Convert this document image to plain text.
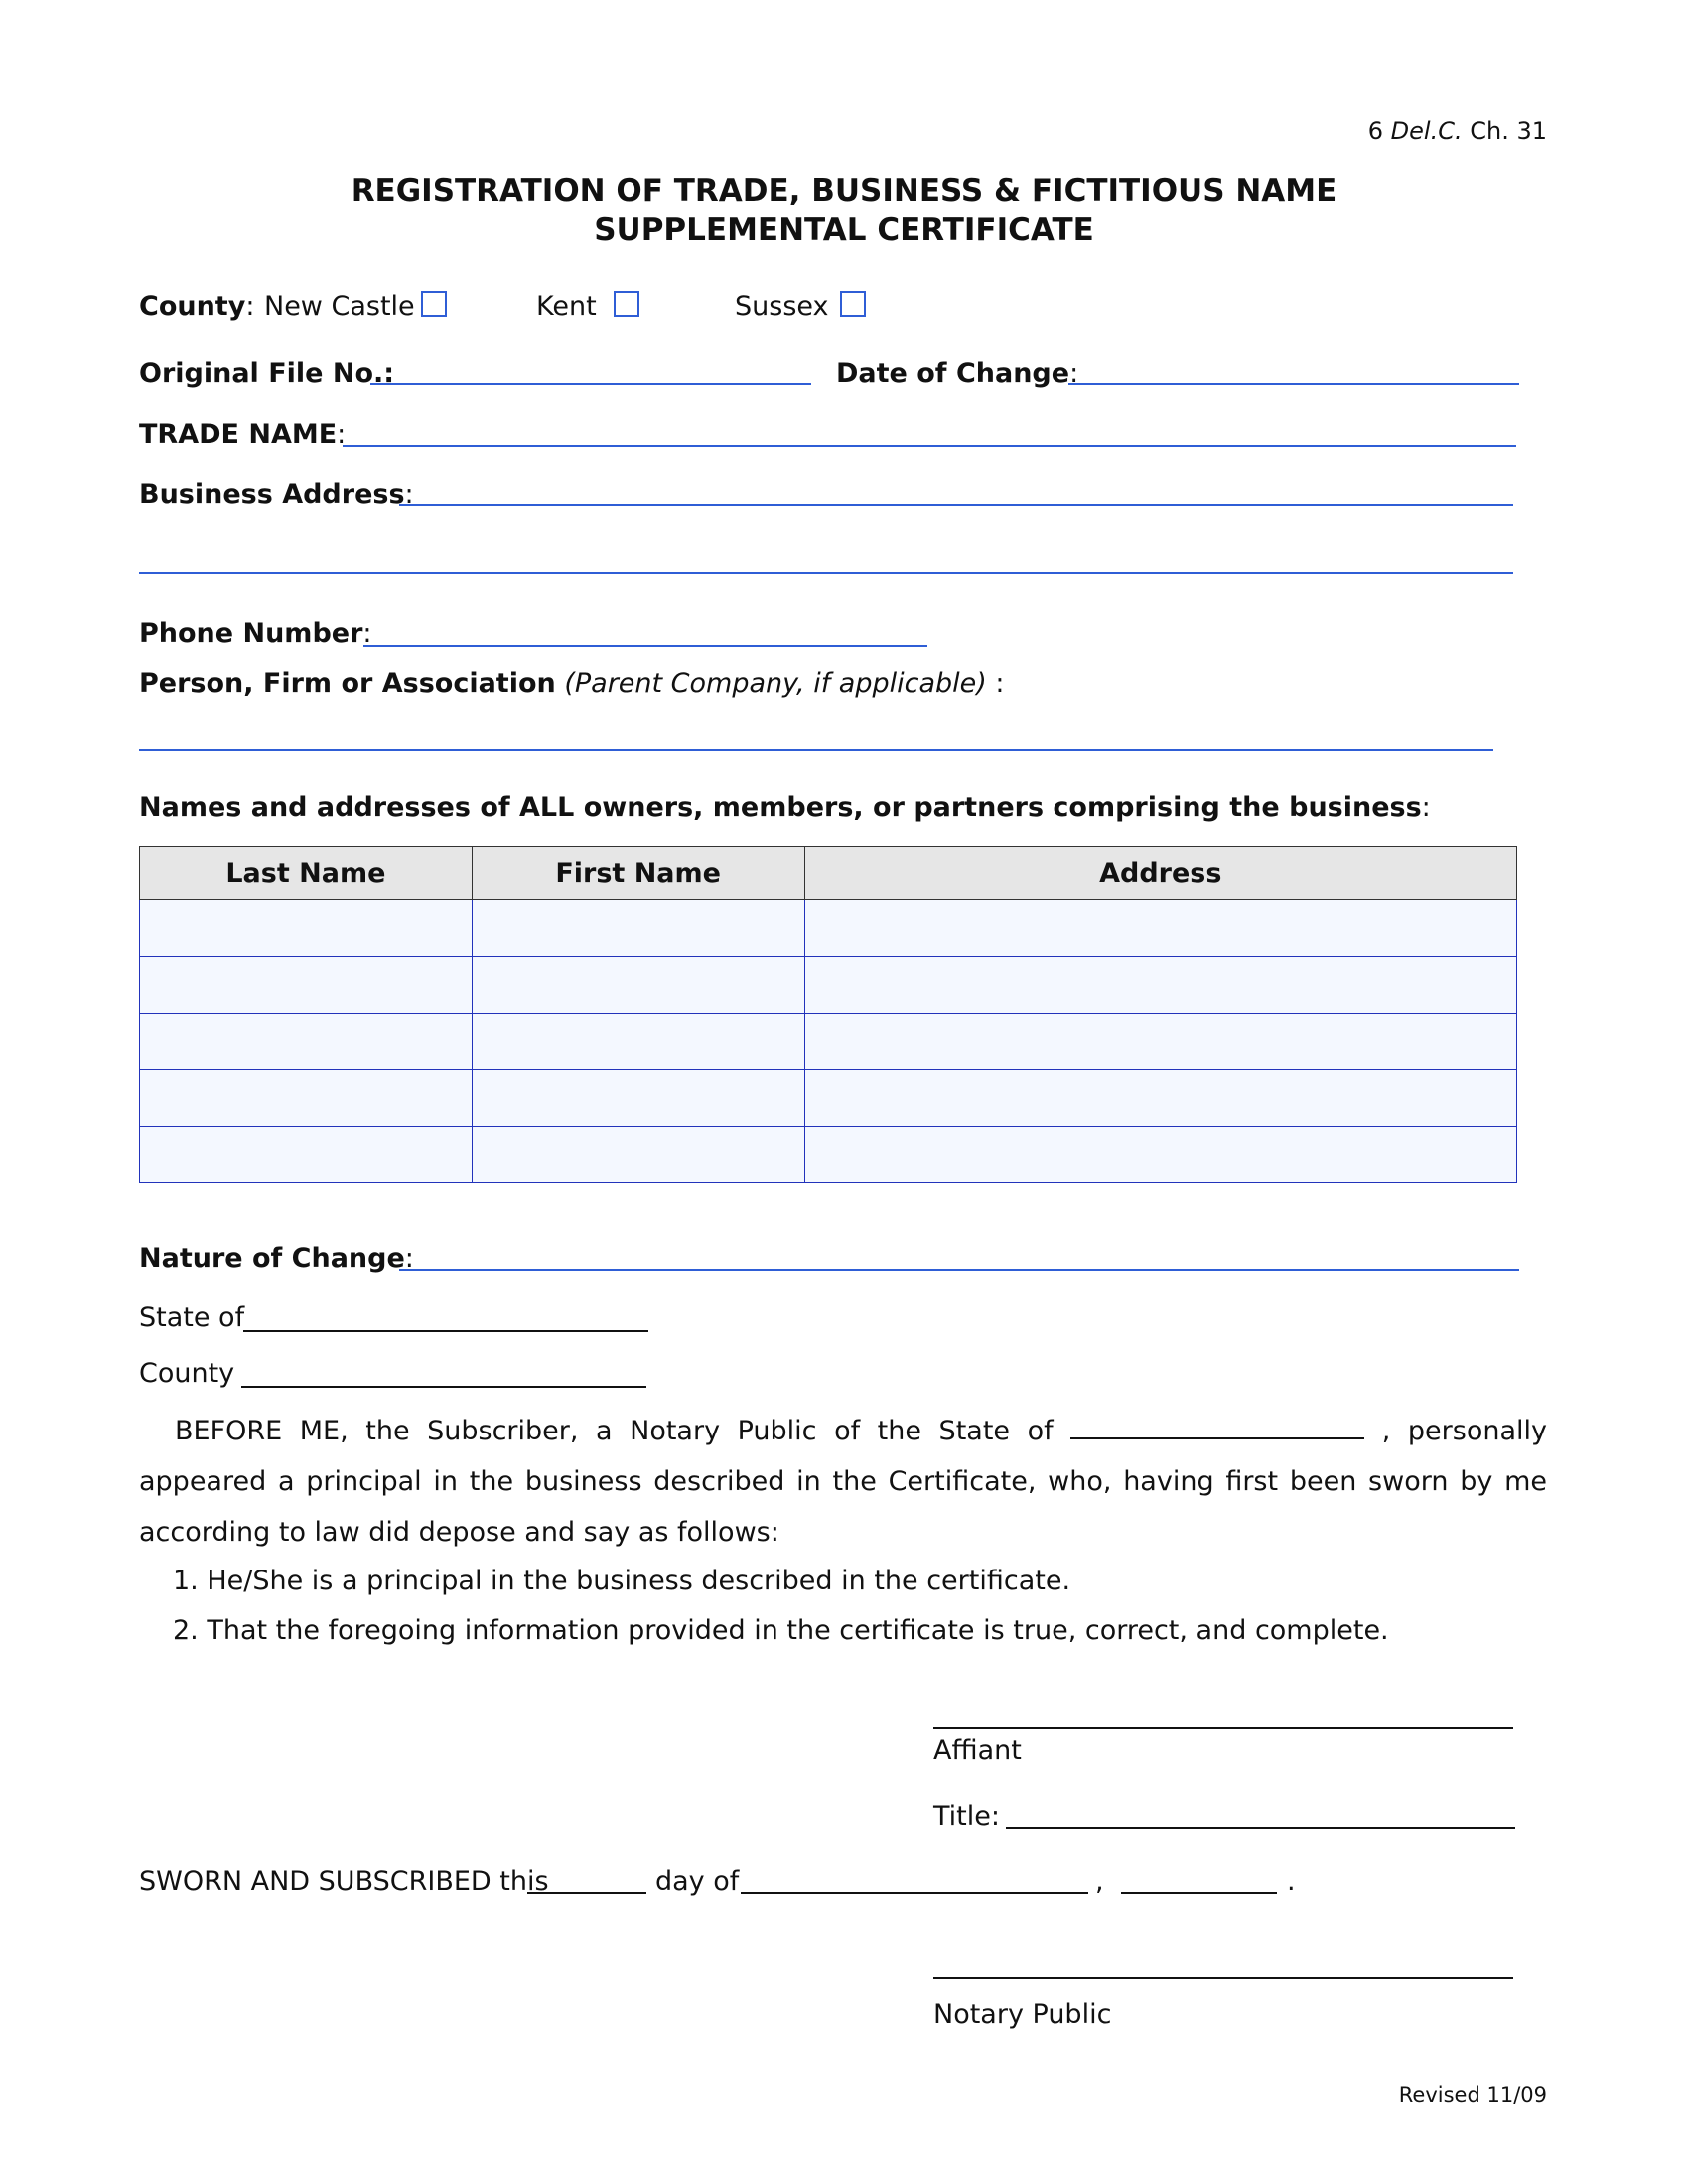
6 Del.C. Ch. 31
REGISTRATION OF TRADE, BUSINESS & FICTITIOUS NAME
SUPPLEMENTAL CERTIFICATE
County: New Castle	Kent	Sussex
Original File No.:	Date of Change:
TRADE NAME:
Business Address:
Phone Number:
Person, Firm or Association (Parent Company, if applicable) :
Names and addresses of ALL owners, members, or partners comprising the business:
Last Name	First Name	Address

Nature of Change:
State of
County
BEFORE ME, the Subscriber, a Notary Public of the State of	, personally appeared a principal in the business described in the Certificate, who, having first been sworn by me according to law did depose and say as follows:
1. He/She is a principal in the business described in the certificate.
2. That the foregoing information provided in the certificate is true, correct, and complete.
Affiant
Title:
SWORN AND SUBSCRIBED this	day of	,	.
Notary Public
Revised 11/09
